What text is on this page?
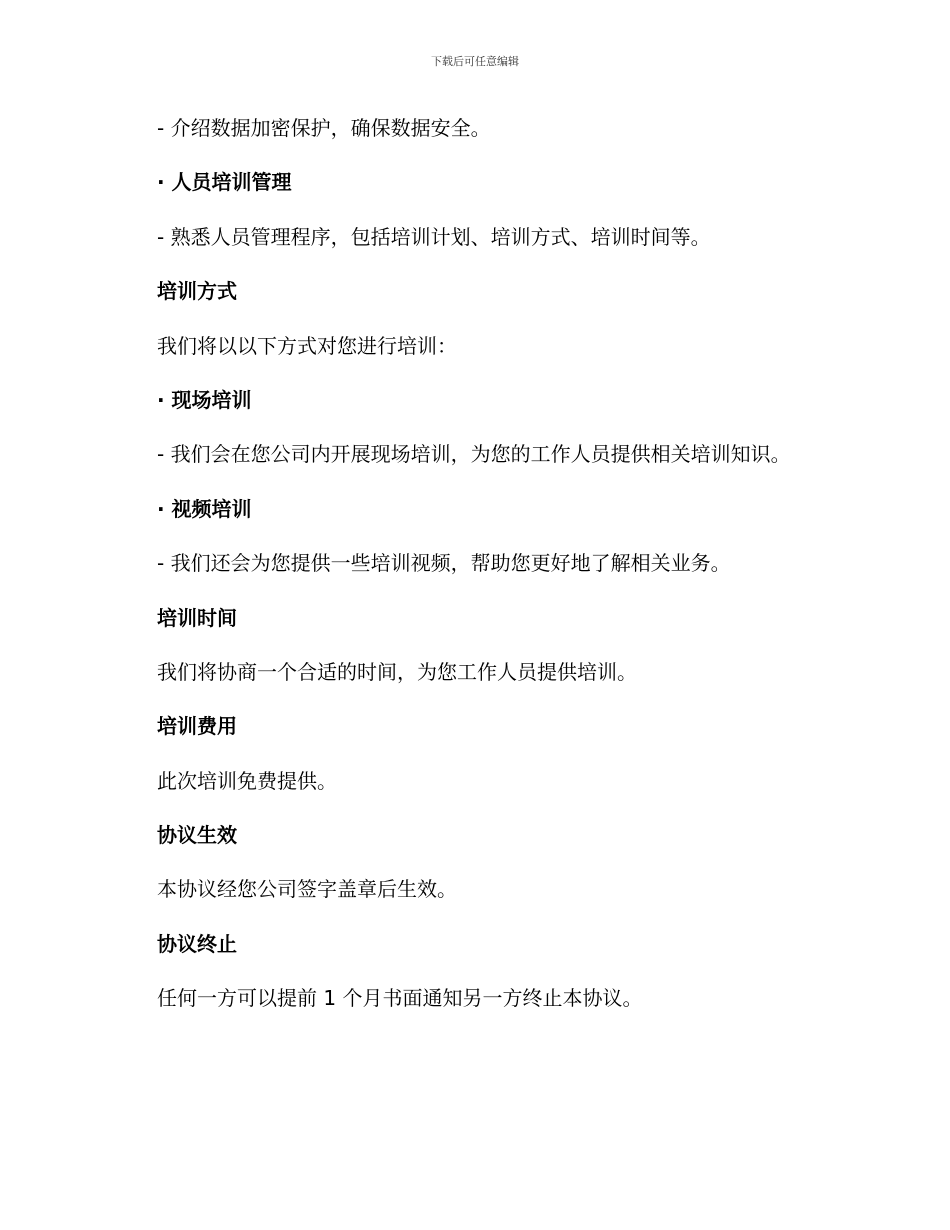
下载后可任意编辑
- 介绍数据加密保护，确保数据安全。
· 人员培训管理
- 熟悉人员管理程序，包括培训计划、培训方式、培训时间等。
培训方式
我们将以以下方式对您进行培训：
· 现场培训
- 我们会在您公司内开展现场培训，为您的工作人员提供相关培训知识。
· 视频培训
- 我们还会为您提供一些培训视频，帮助您更好地了解相关业务。
培训时间
我们将协商一个合适的时间，为您工作人员提供培训。
培训费用
此次培训免费提供。
协议生效
本协议经您公司签字盖章后生效。
协议终止
任何一方可以提前 1 个月书面通知另一方终止本协议。
